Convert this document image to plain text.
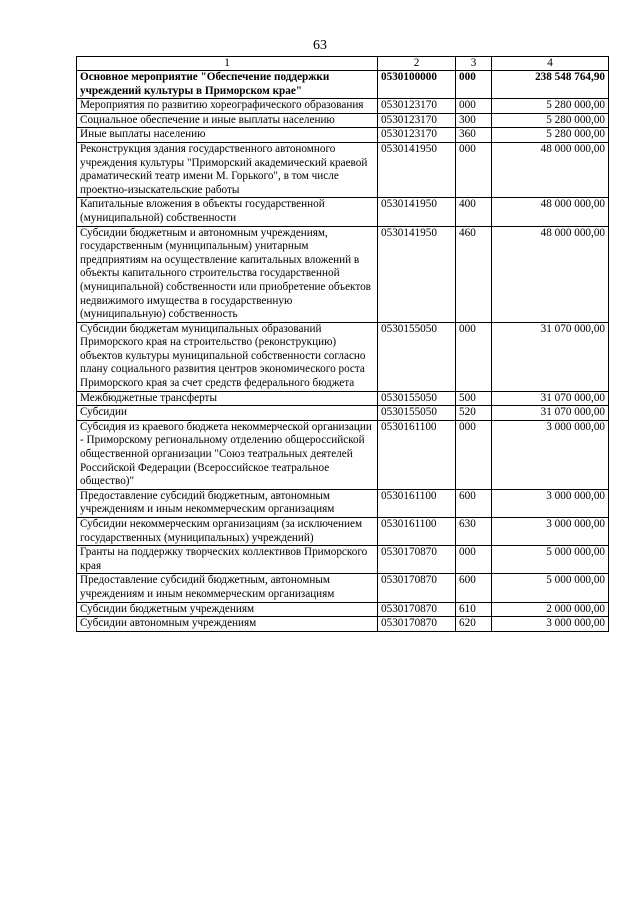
63
1	2	3	4
Основное мероприятие "Обеспечение поддержки учреждений культуры в Приморском крае"	0530100000	000	238 548 764,90
Мероприятия по развитию хореографического образования	0530123170	000	5 280 000,00
Социальное обеспечение и иные выплаты населению	0530123170	300	5 280 000,00
Иные выплаты населению	0530123170	360	5 280 000,00
Реконструкция здания государственного автономного учреждения культуры "Приморский академический краевой драматический театр имени М. Горького", в том числе проектно-изыскательские работы	0530141950	000	48 000 000,00
Капитальные вложения в объекты государственной (муниципальной) собственности	0530141950	400	48 000 000,00
Субсидии бюджетным и автономным учреждениям, государственным (муниципальным) унитарным предприятиям на осуществление капитальных вложений в объекты капитального строительства государственной (муниципальной) собственности или приобретение объектов недвижимого имущества в государственную (муниципальную) собственность	0530141950	460	48 000 000,00
Субсидии бюджетам муниципальных образований Приморского края на строительство (реконструкцию) объектов культуры муниципальной собственности согласно плану социального развития центров экономического роста Приморского края за счет средств федерального бюджета	0530155050	000	31 070 000,00
Межбюджетные трансферты	0530155050	500	31 070 000,00
Субсидии	0530155050	520	31 070 000,00
Субсидия из краевого бюджета некоммерческой организации - Приморскому региональному отделению общероссийской общественной организации "Союз театральных деятелей Российской Федерации (Всероссийское театральное общество)"	0530161100	000	3 000 000,00
Предоставление субсидий бюджетным, автономным учреждениям и иным некоммерческим организациям	0530161100	600	3 000 000,00
Субсидии некоммерческим организациям (за исключением государственных (муниципальных) учреждений)	0530161100	630	3 000 000,00
Гранты на поддержку творческих коллективов Приморского края	0530170870	000	5 000 000,00
Предоставление субсидий бюджетным, автономным учреждениям и иным некоммерческим организациям	0530170870	600	5 000 000,00
Субсидии бюджетным учреждениям	0530170870	610	2 000 000,00
Субсидии автономным учреждениям	0530170870	620	3 000 000,00
